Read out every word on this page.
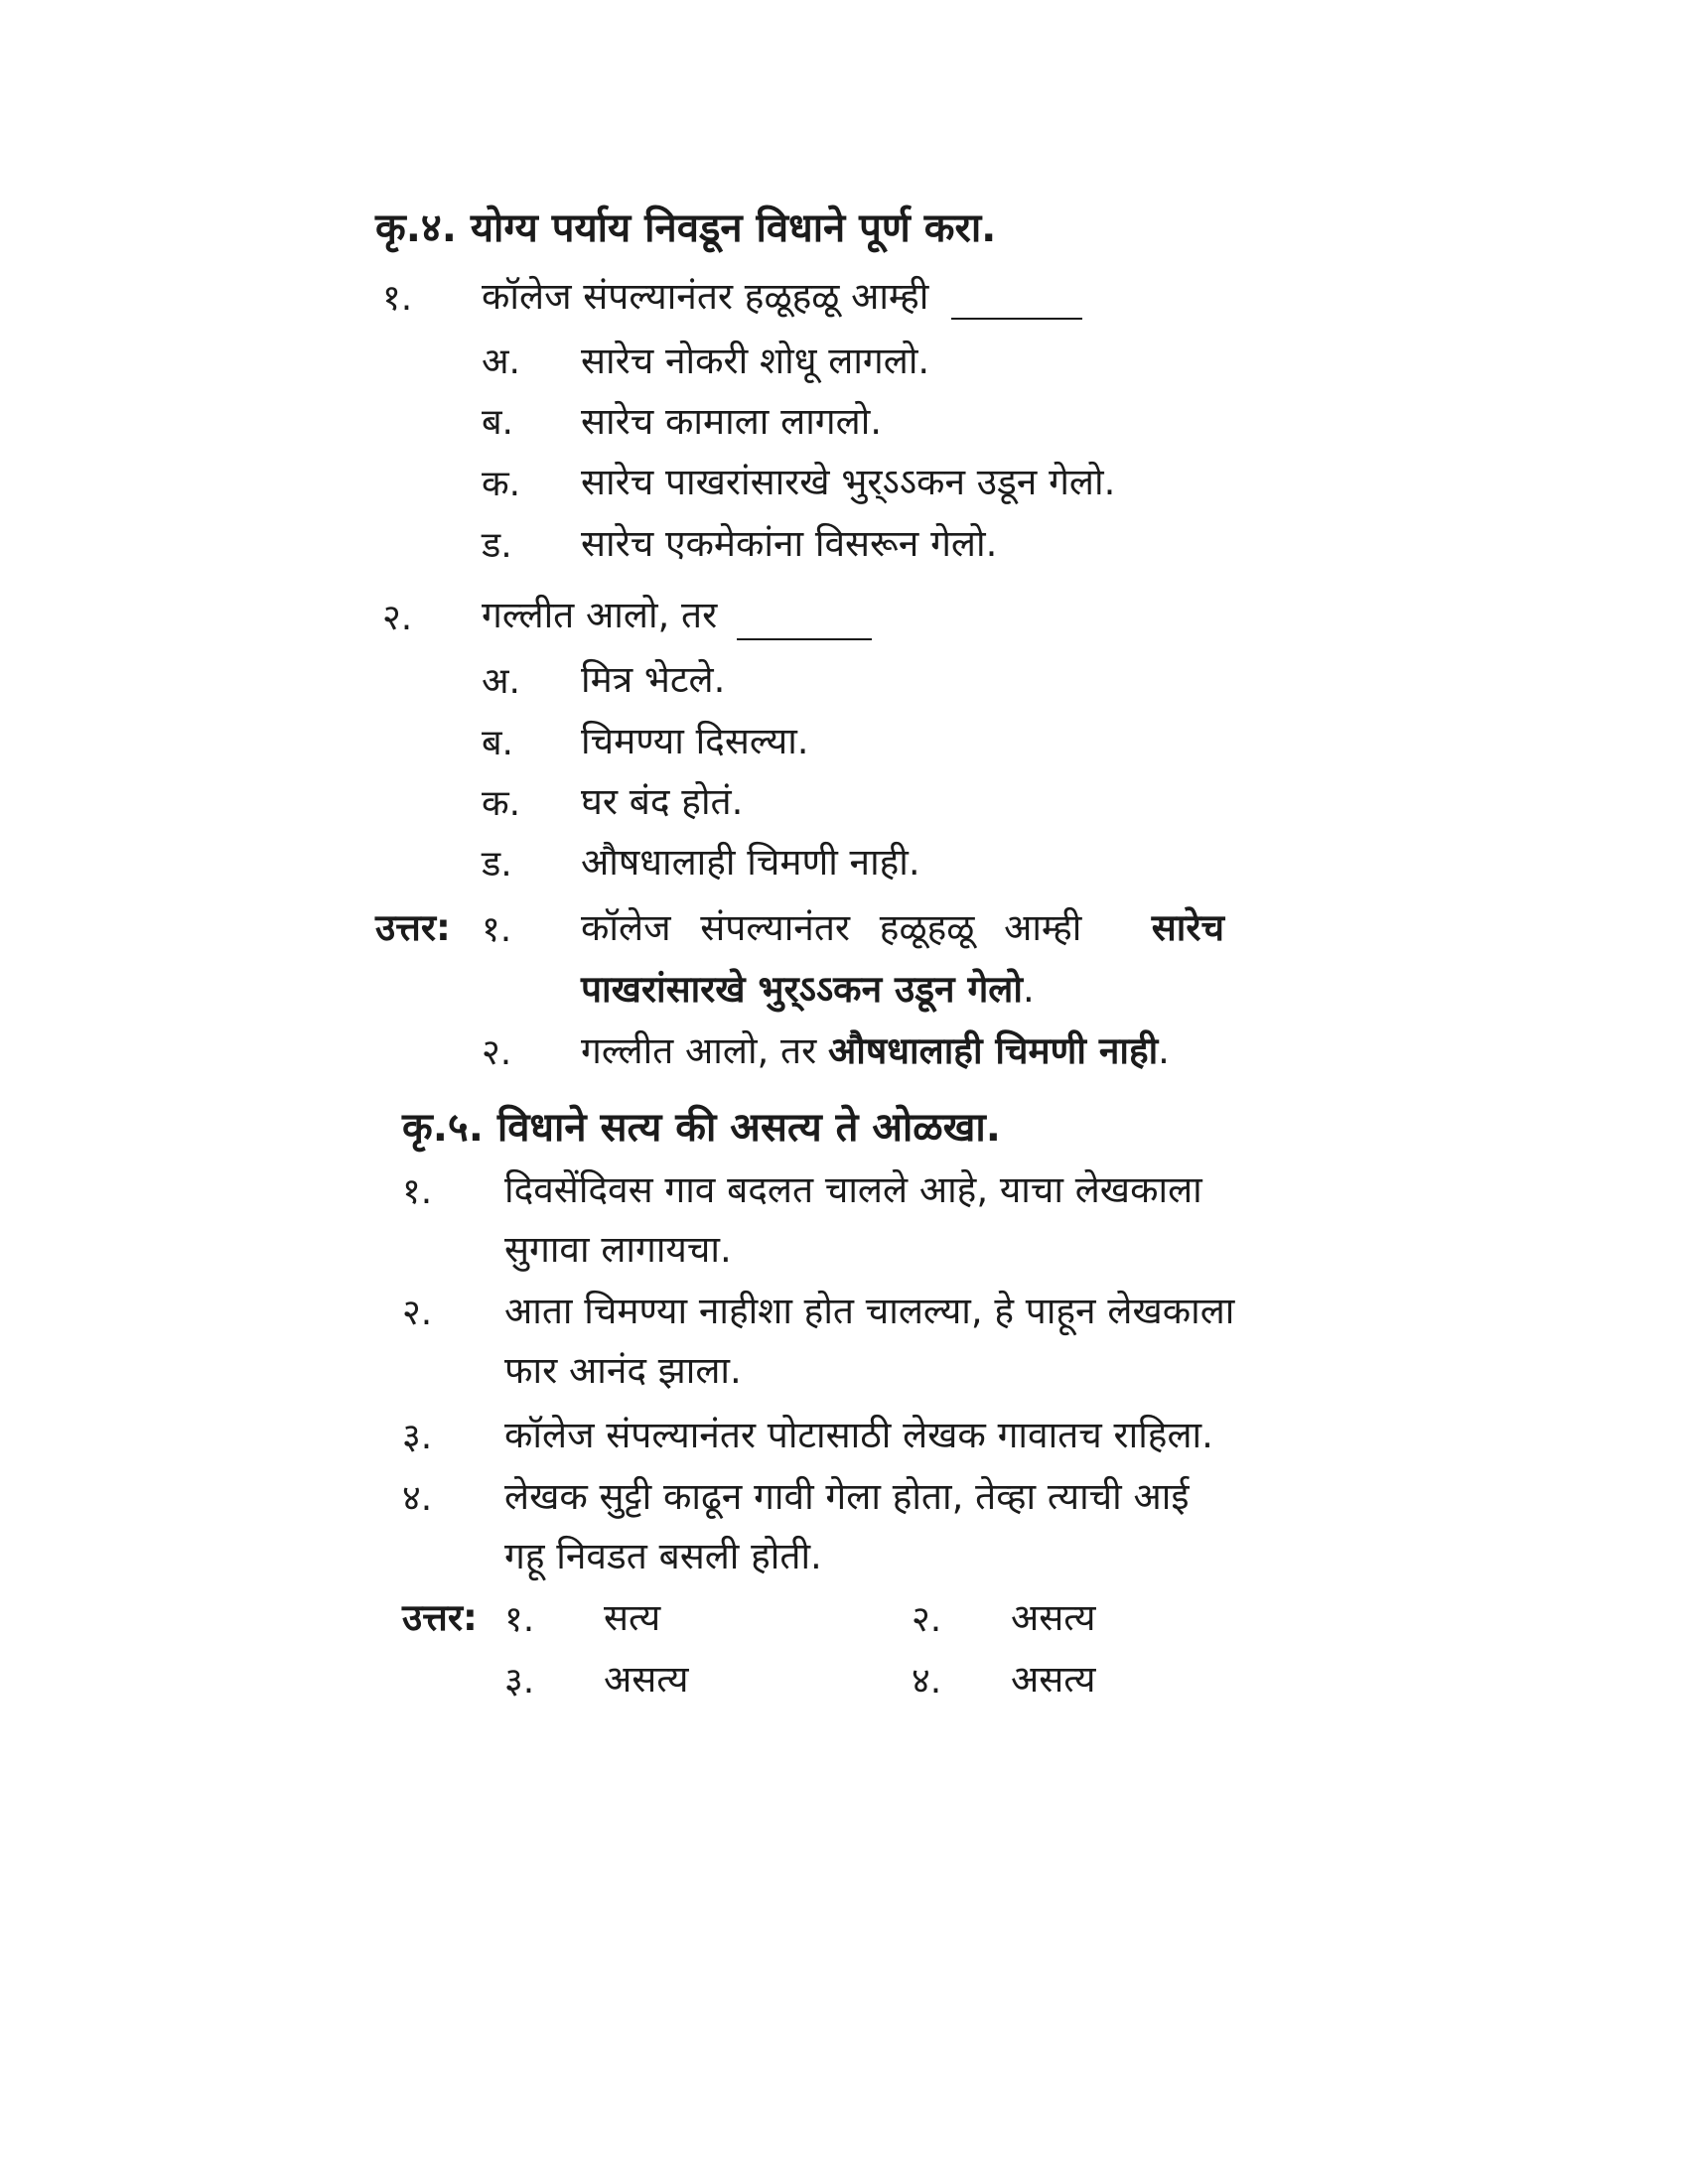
कृ.४. योग्य पर्याय निवडून विधाने पूर्ण करा.
१. कॉलेज संपल्यानंतर हळूहळू आम्ही
अ. सारेच नोकरी शोधू लागलो.
ब. सारेच कामाला लागलो.
क. सारेच पाखरांसारखे भुर्ऽऽकन उडून गेलो.
ड. सारेच एकमेकांना विसरून गेलो.
२. गल्लीत आलो, तर
अ. मित्र भेटले.
ब. चिमण्या दिसल्या.
क. घर बंद होतं.
ड. औषधालाही चिमणी नाही.
उत्तर: १. कॉलेज संपल्यानंतर हळूहळू आम्ही सारेच
पाखरांसारखे भुर्ऽऽकन उडून गेलो.
२. गल्लीत आलो, तर औषधालाही चिमणी नाही.
कृ.५. विधाने सत्य की असत्य ते ओळखा.
१. दिवसेंदिवस गाव बदलत चालले आहे, याचा लेखकाला
सुगावा लागायचा.
२. आता चिमण्या नाहीशा होत चालल्या, हे पाहून लेखकाला
फार आनंद झाला.
३. कॉलेज संपल्यानंतर पोटासाठी लेखक गावातच राहिला.
४. लेखक सुट्टी काढून गावी गेला होता, तेव्हा त्याची आई
गहू निवडत बसली होती.
उत्तर: १. सत्य	२. असत्य
३. असत्य	४. असत्य
